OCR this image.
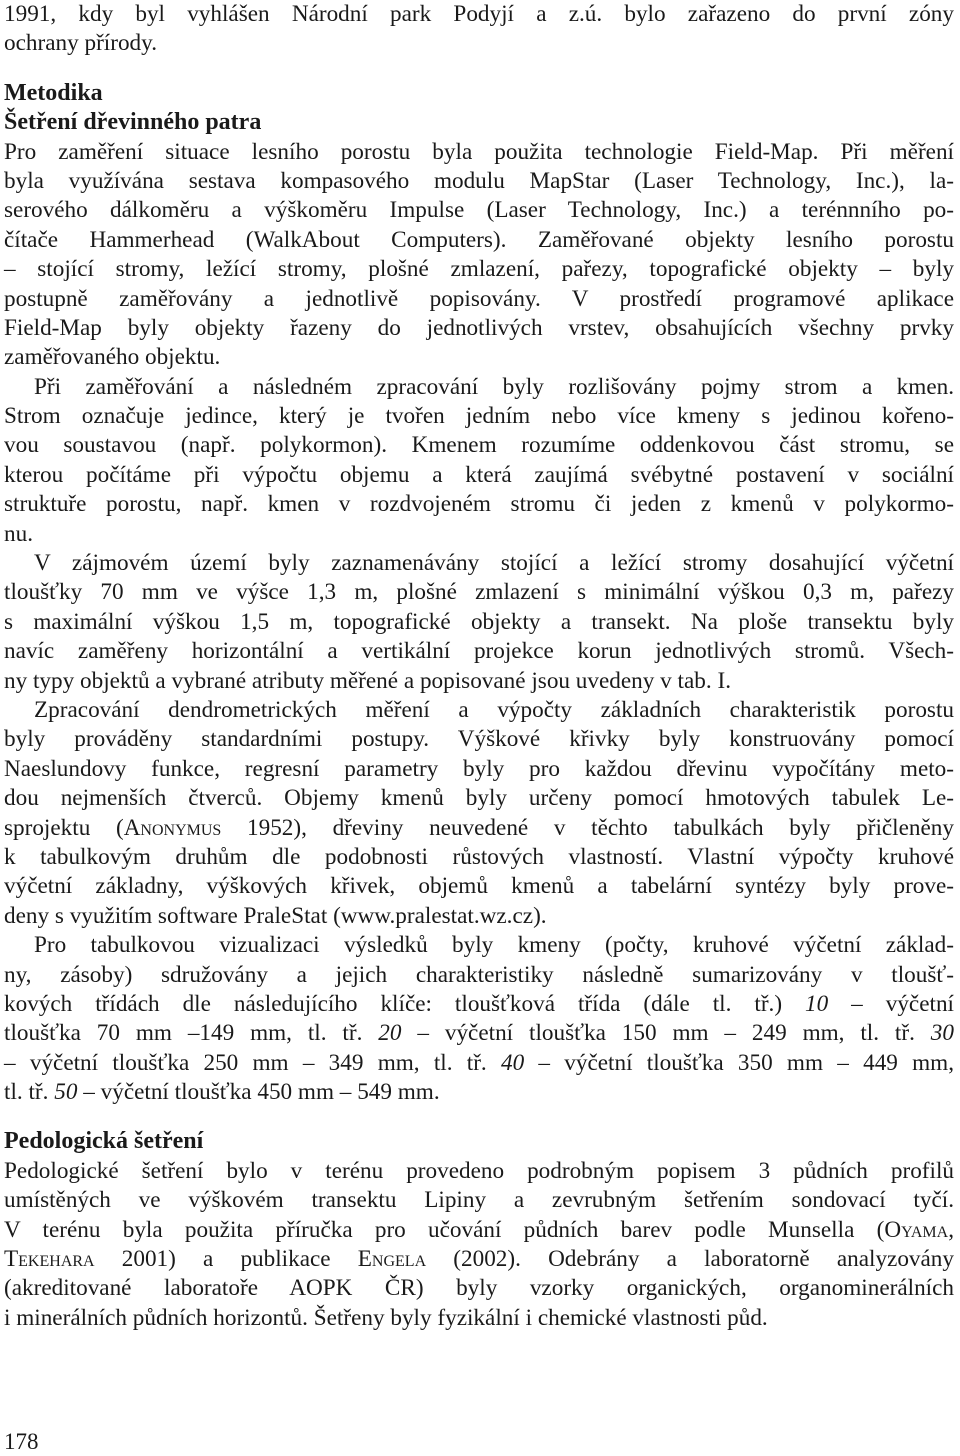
1991, kdy byl vyhlášen Národní park Podyjí a z.ú. bylo zařazeno do první zóny
ochrany přírody.
Metodika
Šetření dřevinného patra
Pro zaměření situace lesního porostu byla použita technologie Field-Map. Při měření
byla využívána sestava kompasového modulu MapStar (Laser Technology, Inc.), la-
serového dálkoměru a výškoměru Impulse (Laser Technology, Inc.) a terénnního po-
čítače Hammerhead (WalkAbout Computers). Zaměřované objekty lesního porostu
– stojící stromy, ležící stromy, plošné zmlazení, pařezy, topografické objekty – byly
postupně zaměřovány a jednotlivě popisovány. V prostředí programové aplikace
Field-Map byly objekty řazeny do jednotlivých vrstev, obsahujících všechny prvky
zaměřovaného objektu.
Při zaměřování a následném zpracování byly rozlišovány pojmy strom a kmen.
Strom označuje jedince, který je tvořen jedním nebo více kmeny s jedinou kořeno-
vou soustavou (např. polykormon). Kmenem rozumíme oddenkovou část stromu, se
kterou počítáme při výpočtu objemu a která zaujímá svébytné postavení v sociální
struktuře porostu, např. kmen v rozdvojeném stromu či jeden z kmenů v polykormo-
nu.
V zájmovém území byly zaznamenávány stojící a ležící stromy dosahující výčetní
tloušťky 70 mm ve výšce 1,3 m, plošné zmlazení s minimální výškou 0,3 m, pařezy
s maximální výškou 1,5 m, topografické objekty a transekt. Na ploše transektu byly
navíc zaměřeny horizontální a vertikální projekce korun jednotlivých stromů. Všech-
ny typy objektů a vybrané atributy měřené a popisované jsou uvedeny v tab. I.
Zpracování dendrometrických měření a výpočty základních charakteristik porostu
byly prováděny standardními postupy. Výškové křivky byly konstruovány pomocí
Naeslundovy funkce, regresní parametry byly pro každou dřevinu vypočítány meto-
dou nejmenších čtverců. Objemy kmenů byly určeny pomocí hmotových tabulek Le-
sprojektu (Anonymus 1952), dřeviny neuvedené v těchto tabulkách byly přičleněny
k tabulkovým druhům dle podobnosti růstových vlastností. Vlastní výpočty kruhové
výčetní základny, výškových křivek, objemů kmenů a tabelární syntézy byly prove-
deny s využitím software PraleStat (www.pralestat.wz.cz).
Pro tabulkovou vizualizaci výsledků byly kmeny (počty, kruhové výčetní základ-
ny, zásoby) sdružovány a jejich charakteristiky následně sumarizovány v tloušť-
kových třídách dle následujícího klíče: tloušťková třída (dále tl. tř.) 10 – výčetní
tloušťka 70 mm –149 mm, tl. tř. 20 – výčetní tloušťka 150 mm – 249 mm, tl. tř. 30
– výčetní tloušťka 250 mm – 349 mm, tl. tř. 40 – výčetní tloušťka 350 mm – 449 mm,
tl. tř. 50 – výčetní tloušťka 450 mm – 549 mm.
Pedologická šetření
Pedologické šetření bylo v terénu provedeno podrobným popisem 3 půdních profilů
umístěných ve výškovém transektu Lipiny a zevrubným šetřením sondovací tyčí.
V terénu byla použita příručka pro učování půdních barev podle Munsella (Oyama,
Tekehara 2001) a publikace Engela (2002). Odebrány a laboratorně analyzovány
(akreditované laboratoře AOPK ČR) byly vzorky organických, organominerálních
i minerálních půdních horizontů. Šetřeny byly fyzikální i chemické vlastnosti půd.
178
